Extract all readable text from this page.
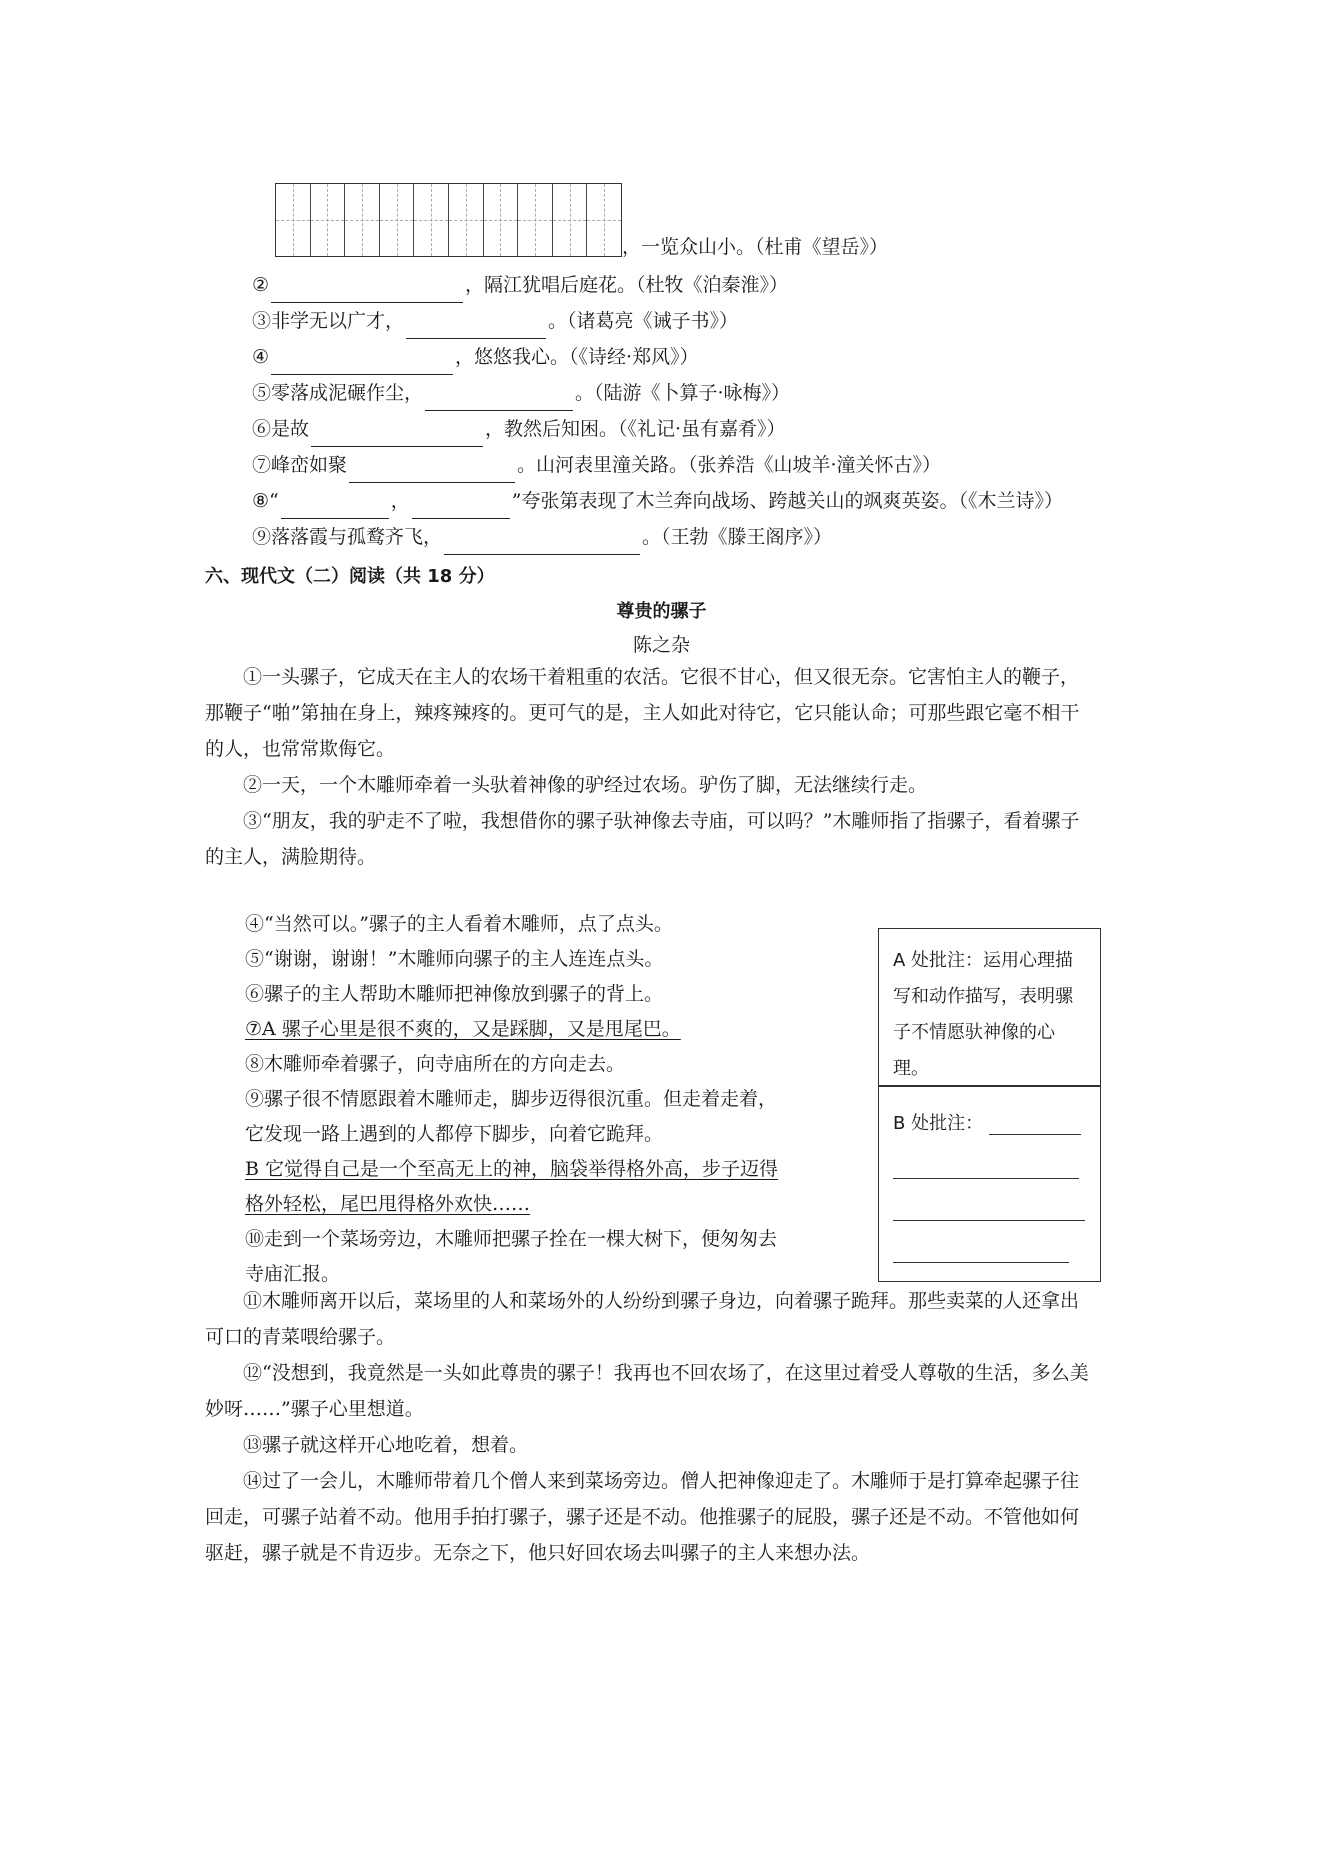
，一览众山小。（杜甫《望岳》）
②	，隔江犹唱后庭花。（杜牧《泊秦淮》）
③非学无以广才，	。（诸葛亮《诫子书》）
④	，悠悠我心。（《诗经·郑风》）
⑤零落成泥碾作尘，	。（陆游《卜算子·咏梅》）
⑥是故	，教然后知困。（《礼记·虽有嘉肴》）
⑦峰峦如聚	。山河表里潼关路。（张养浩《山坡羊·潼关怀古》）
⑧“	，	”夸张第表现了木兰奔向战场、跨越关山的飒爽英姿。（《木兰诗》）
⑨落落霞与孤鹜齐飞，	。（王勃《滕王阁序》）
六、现代文（二）阅读（共 18 分）
尊贵的骡子
陈之杂

①一头骡子，它成天在主人的农场干着粗重的农活。它很不甘心，但又很无奈。它害怕主人的鞭子，那鞭子“啪”第抽在身上，辣疼辣疼的。更可气的是，主人如此对待它，它只能认命；可那些跟它毫不相干的人，也常常欺侮它。

②一天，一个木雕师牵着一头驮着神像的驴经过农场。驴伤了脚，无法继续行走。

③“朋友，我的驴走不了啦，我想借你的骡子驮神像去寺庙，可以吗？”木雕师指了指骡子，看着骡子的主人，满脸期待。

④“当然可以。”骡子的主人看着木雕师，点了点头。

⑤“谢谢，谢谢！”木雕师向骡子的主人连连点头。

⑥骡子的主人帮助木雕师把神像放到骡子的背上。

⑦A 骡子心里是很不爽的，又是踩脚，又是甩尾巴。

⑧木雕师牵着骡子，向寺庙所在的方向走去。

⑨骡子很不情愿跟着木雕师走，脚步迈得很沉重。但走着走着，它发现一路上遇到的人都停下脚步，向着它跪拜。

B 它觉得自己是一个至高无上的神，脑袋举得格外高，步子迈得格外轻松，尾巴甩得格外欢快……

⑩走到一个菜场旁边，木雕师把骡子拴在一棵大树下，便匆匆去寺庙汇报。

A 处批注：运用心理描写和动作描写，表明骡子不情愿驮神像的心理。
B 处批注：

⑪木雕师离开以后，菜场里的人和菜场外的人纷纷到骡子身边，向着骡子跪拜。那些卖菜的人还拿出可口的青菜喂给骡子。

⑫“没想到，我竟然是一头如此尊贵的骡子！我再也不回农场了，在这里过着受人尊敬的生活，多么美妙呀……”骡子心里想道。

⑬骡子就这样开心地吃着，想着。

⑭过了一会儿，木雕师带着几个僧人来到菜场旁边。僧人把神像迎走了。木雕师于是打算牵起骡子往回走，可骡子站着不动。他用手拍打骡子，骡子还是不动。他推骡子的屁股，骡子还是不动。不管他如何驱赶，骡子就是不肯迈步。无奈之下，他只好回农场去叫骡子的主人来想办法。
